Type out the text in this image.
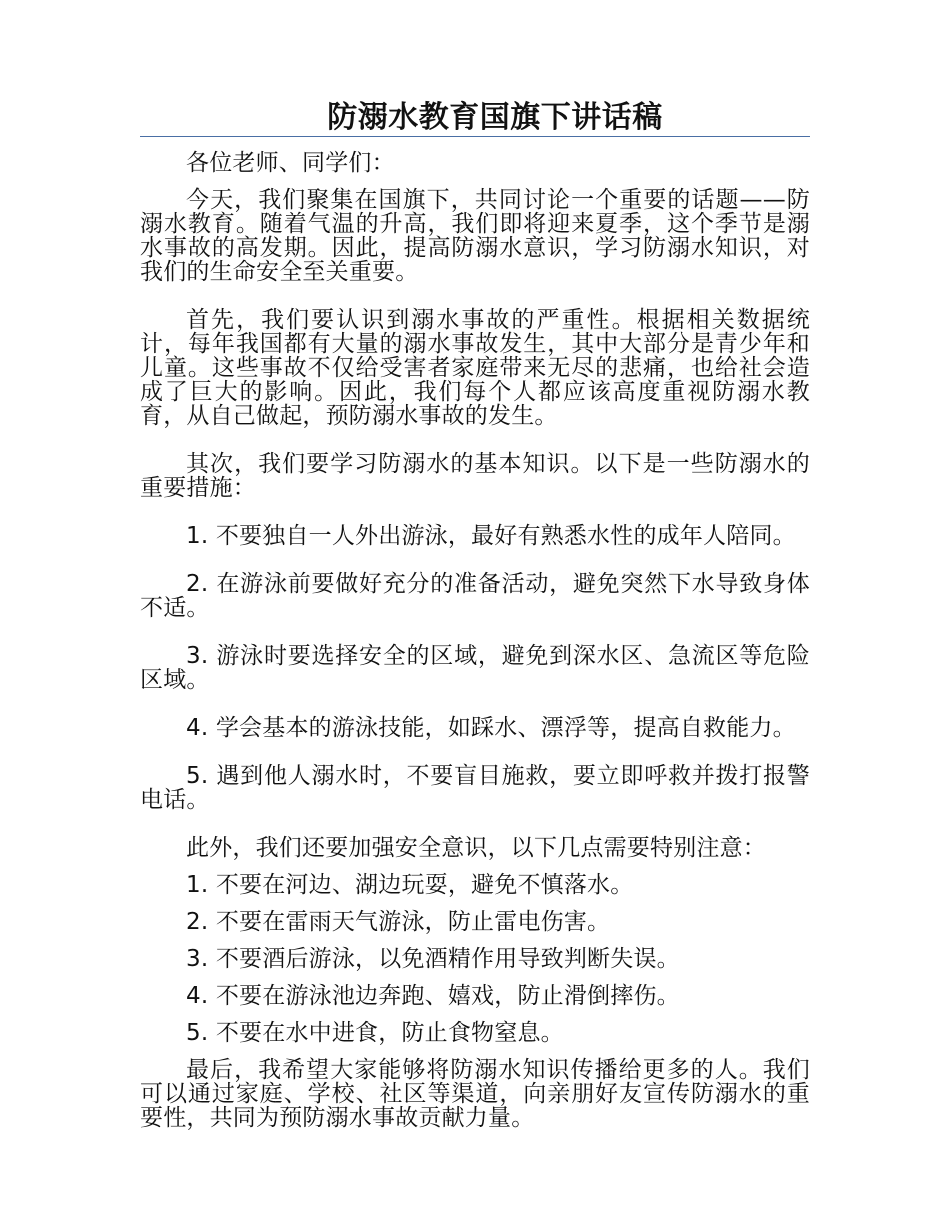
防溺水教育国旗下讲话稿

各位老师、同学们：

今天，我们聚集在国旗下，共同讨论一个重要的话题——防溺水教育。随着气温的升高，我们即将迎来夏季，这个季节是溺水事故的高发期。因此，提高防溺水意识，学习防溺水知识，对我们的生命安全至关重要。

首先，我们要认识到溺水事故的严重性。根据相关数据统计，每年我国都有大量的溺水事故发生，其中大部分是青少年和儿童。这些事故不仅给受害者家庭带来无尽的悲痛，也给社会造成了巨大的影响。因此，我们每个人都应该高度重视防溺水教育，从自己做起，预防溺水事故的发生。

其次，我们要学习防溺水的基本知识。以下是一些防溺水的重要措施：

1. 不要独自一人外出游泳，最好有熟悉水性的成年人陪同。

2. 在游泳前要做好充分的准备活动，避免突然下水导致身体不适。

3. 游泳时要选择安全的区域，避免到深水区、急流区等危险区域。

4. 学会基本的游泳技能，如踩水、漂浮等，提高自救能力。

5. 遇到他人溺水时，不要盲目施救，要立即呼救并拨打报警电话。

此外，我们还要加强安全意识，以下几点需要特别注意：

1. 不要在河边、湖边玩耍，避免不慎落水。

2. 不要在雷雨天气游泳，防止雷电伤害。

3. 不要酒后游泳，以免酒精作用导致判断失误。

4. 不要在游泳池边奔跑、嬉戏，防止滑倒摔伤。

5. 不要在水中进食，防止食物窒息。

最后，我希望大家能够将防溺水知识传播给更多的人。我们可以通过家庭、学校、社区等渠道，向亲朋好友宣传防溺水的重要性，共同为预防溺水事故贡献力量。
